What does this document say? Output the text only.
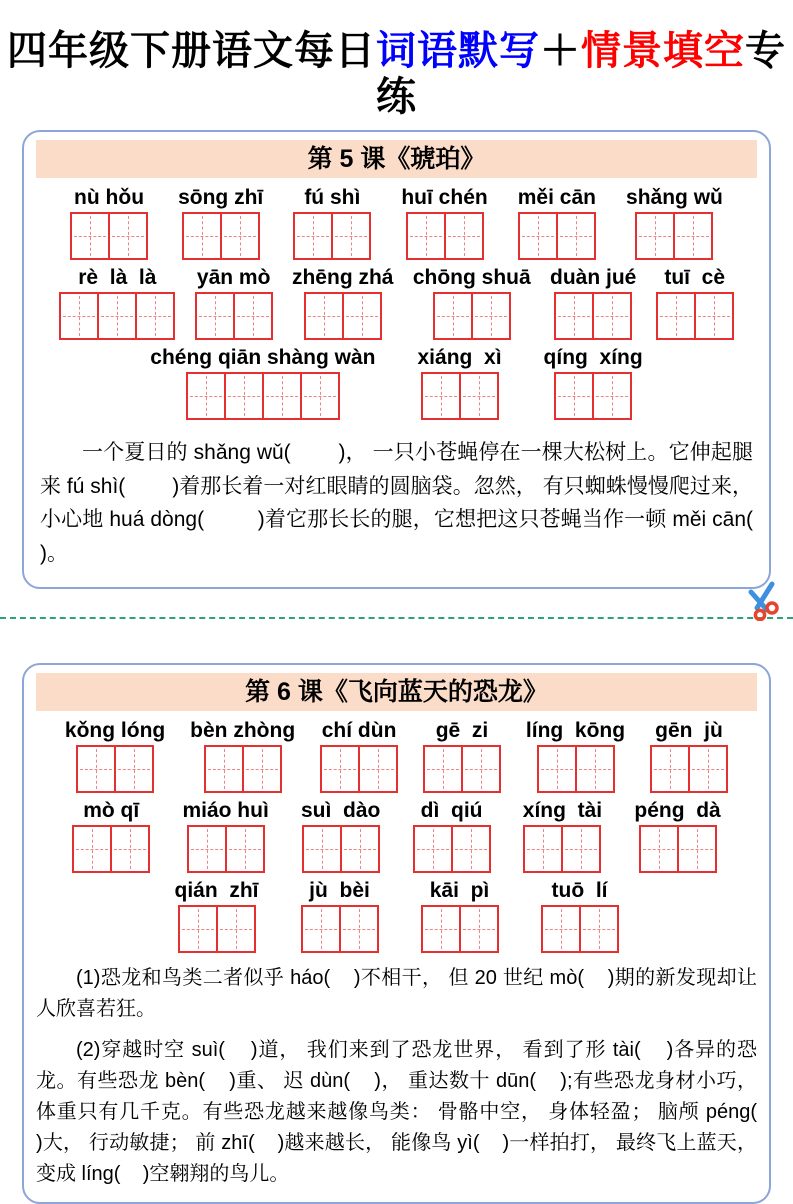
四年级下册语文每日词语默写＋情景填空专练
第 5 课《琥珀》
nù hǒu sōng zhī fú shì huī chén měi cān shǎng wǔ
rè  là  là yān mò zhēng zhá chōng shuā duàn jué tuī  cè
chéng qiān shàng wàn xiáng  xì qíng  xíng

一个夏日的 shǎng wǔ(        )， 一只小苍蝇停在一棵大松树上。它伸起腿来 fú shì(        )着那长着一对红眼睛的圆脑袋。忽然， 有只蜘蛛慢慢爬过来， 小心地 huá dòng(         )着它那长长的腿，它想把这只苍蝇当作一顿 měi cān(      )。

第 6 课《飞向蓝天的恐龙》
kǒng lóng bèn zhòng chí dùn gē  zi líng  kōng gēn  jù
mò qī miáo huì suì  dào dì  qiú xíng  tài péng  dà
qián  zhī jù  bèi	kāi  pì	tuō  lí

(1)恐龙和鸟类二者似乎 háo(    )不相干， 但 20 世纪 mò(    )期的新发现却让人欣喜若狂。

(2)穿越时空 suì(    )道， 我们来到了恐龙世界， 看到了形 tài(    )各异的恐龙。有些恐龙 bèn(    )重、 迟 dùn(    )， 重达数十 dūn(    );有些恐龙身材小巧， 体重只有几千克。有些恐龙越来越像鸟类： 骨骼中空， 身体轻盈； 脑颅 péng(    )大， 行动敏捷； 前 zhī(    )越来越长， 能像鸟 yì(    )一样拍打， 最终飞上蓝天， 变成 líng(    )空翱翔的鸟儿。
